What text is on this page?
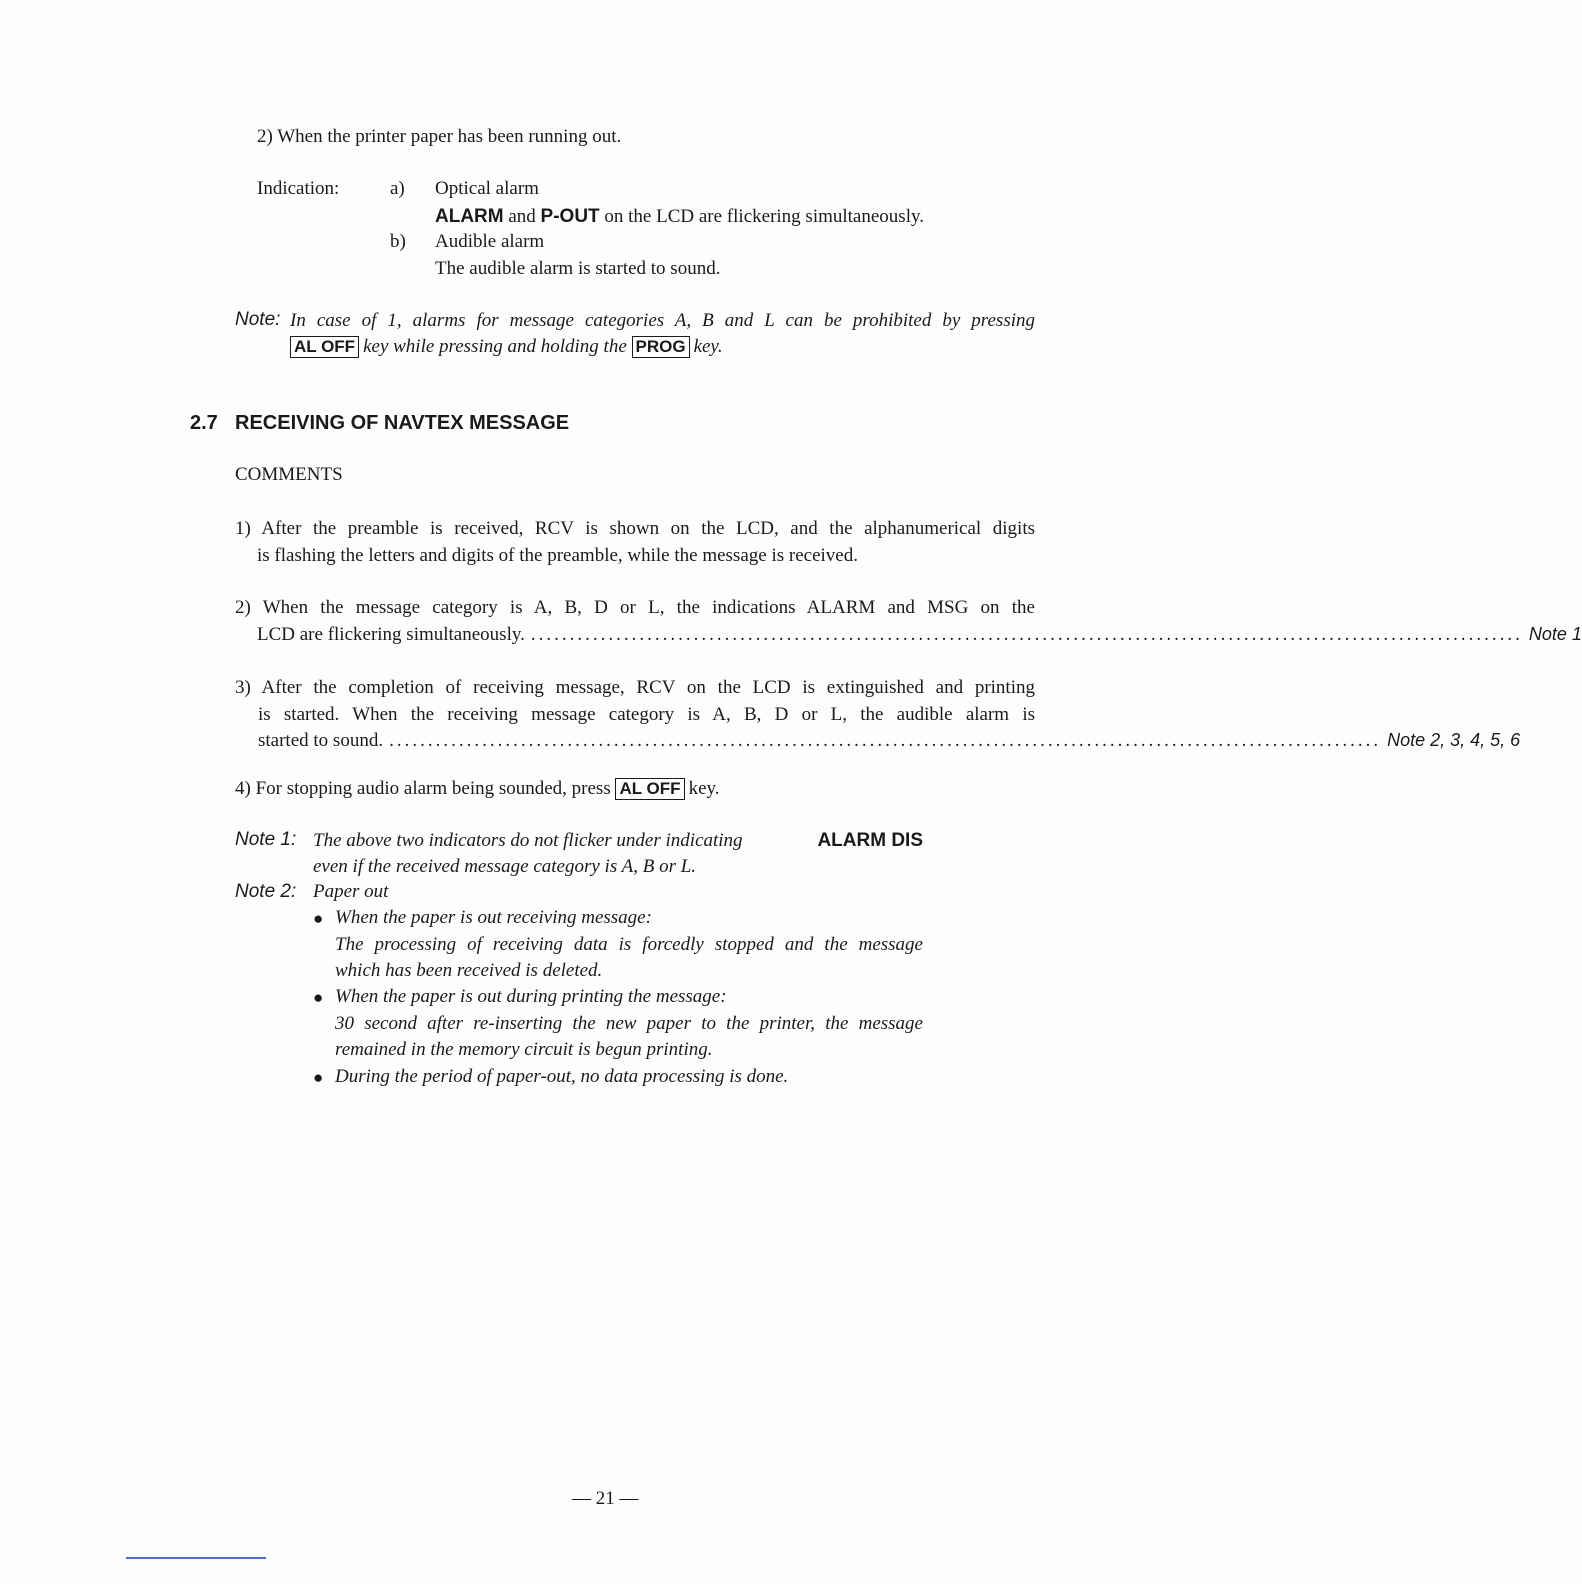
2) When the printer paper has been running out.
Indication:	a) Optical alarm
ALARM and P-OUT on the LCD are flickering simultaneously.
b) Audible alarm
The audible alarm is started to sound.
Note: In case of 1, alarms for message categories A, B and L can be prohibited by pressing
AL OFF key while pressing and holding the PROG key.
2.7 RECEIVING OF NAVTEX MESSAGE
COMMENTS
1) After the preamble is received, RCV is shown on the LCD, and the alphanumerical digits
is flashing the letters and digits of the preamble, while the message is received.
2) When the message category is A, B, D or L, the indications ALARM and MSG on the
LCD are flickering simultaneously. ................................................................................................................................ Note 1
3) After the completion of receiving message, RCV on the LCD is extinguished and printing
is started. When the receiving message category is A, B, D or L, the audible alarm is
started to sound. ................................................................................................................................ Note 2, 3, 4, 5, 6
4) For stopping audio alarm being sounded, press AL OFF key.
Note 1: The above two indicators do not flicker under indicating	ALARM DIS
even if the received message category is A, B or L.
Note 2: Paper out
● When the paper is out receiving message:
The processing of receiving data is forcedly stopped and the message
which has been received is deleted.
● When the paper is out during printing the message:
30 second after re-inserting the new paper to the printer, the message
remained in the memory circuit is begun printing.
● During the period of paper-out, no data processing is done.
— 21 —
